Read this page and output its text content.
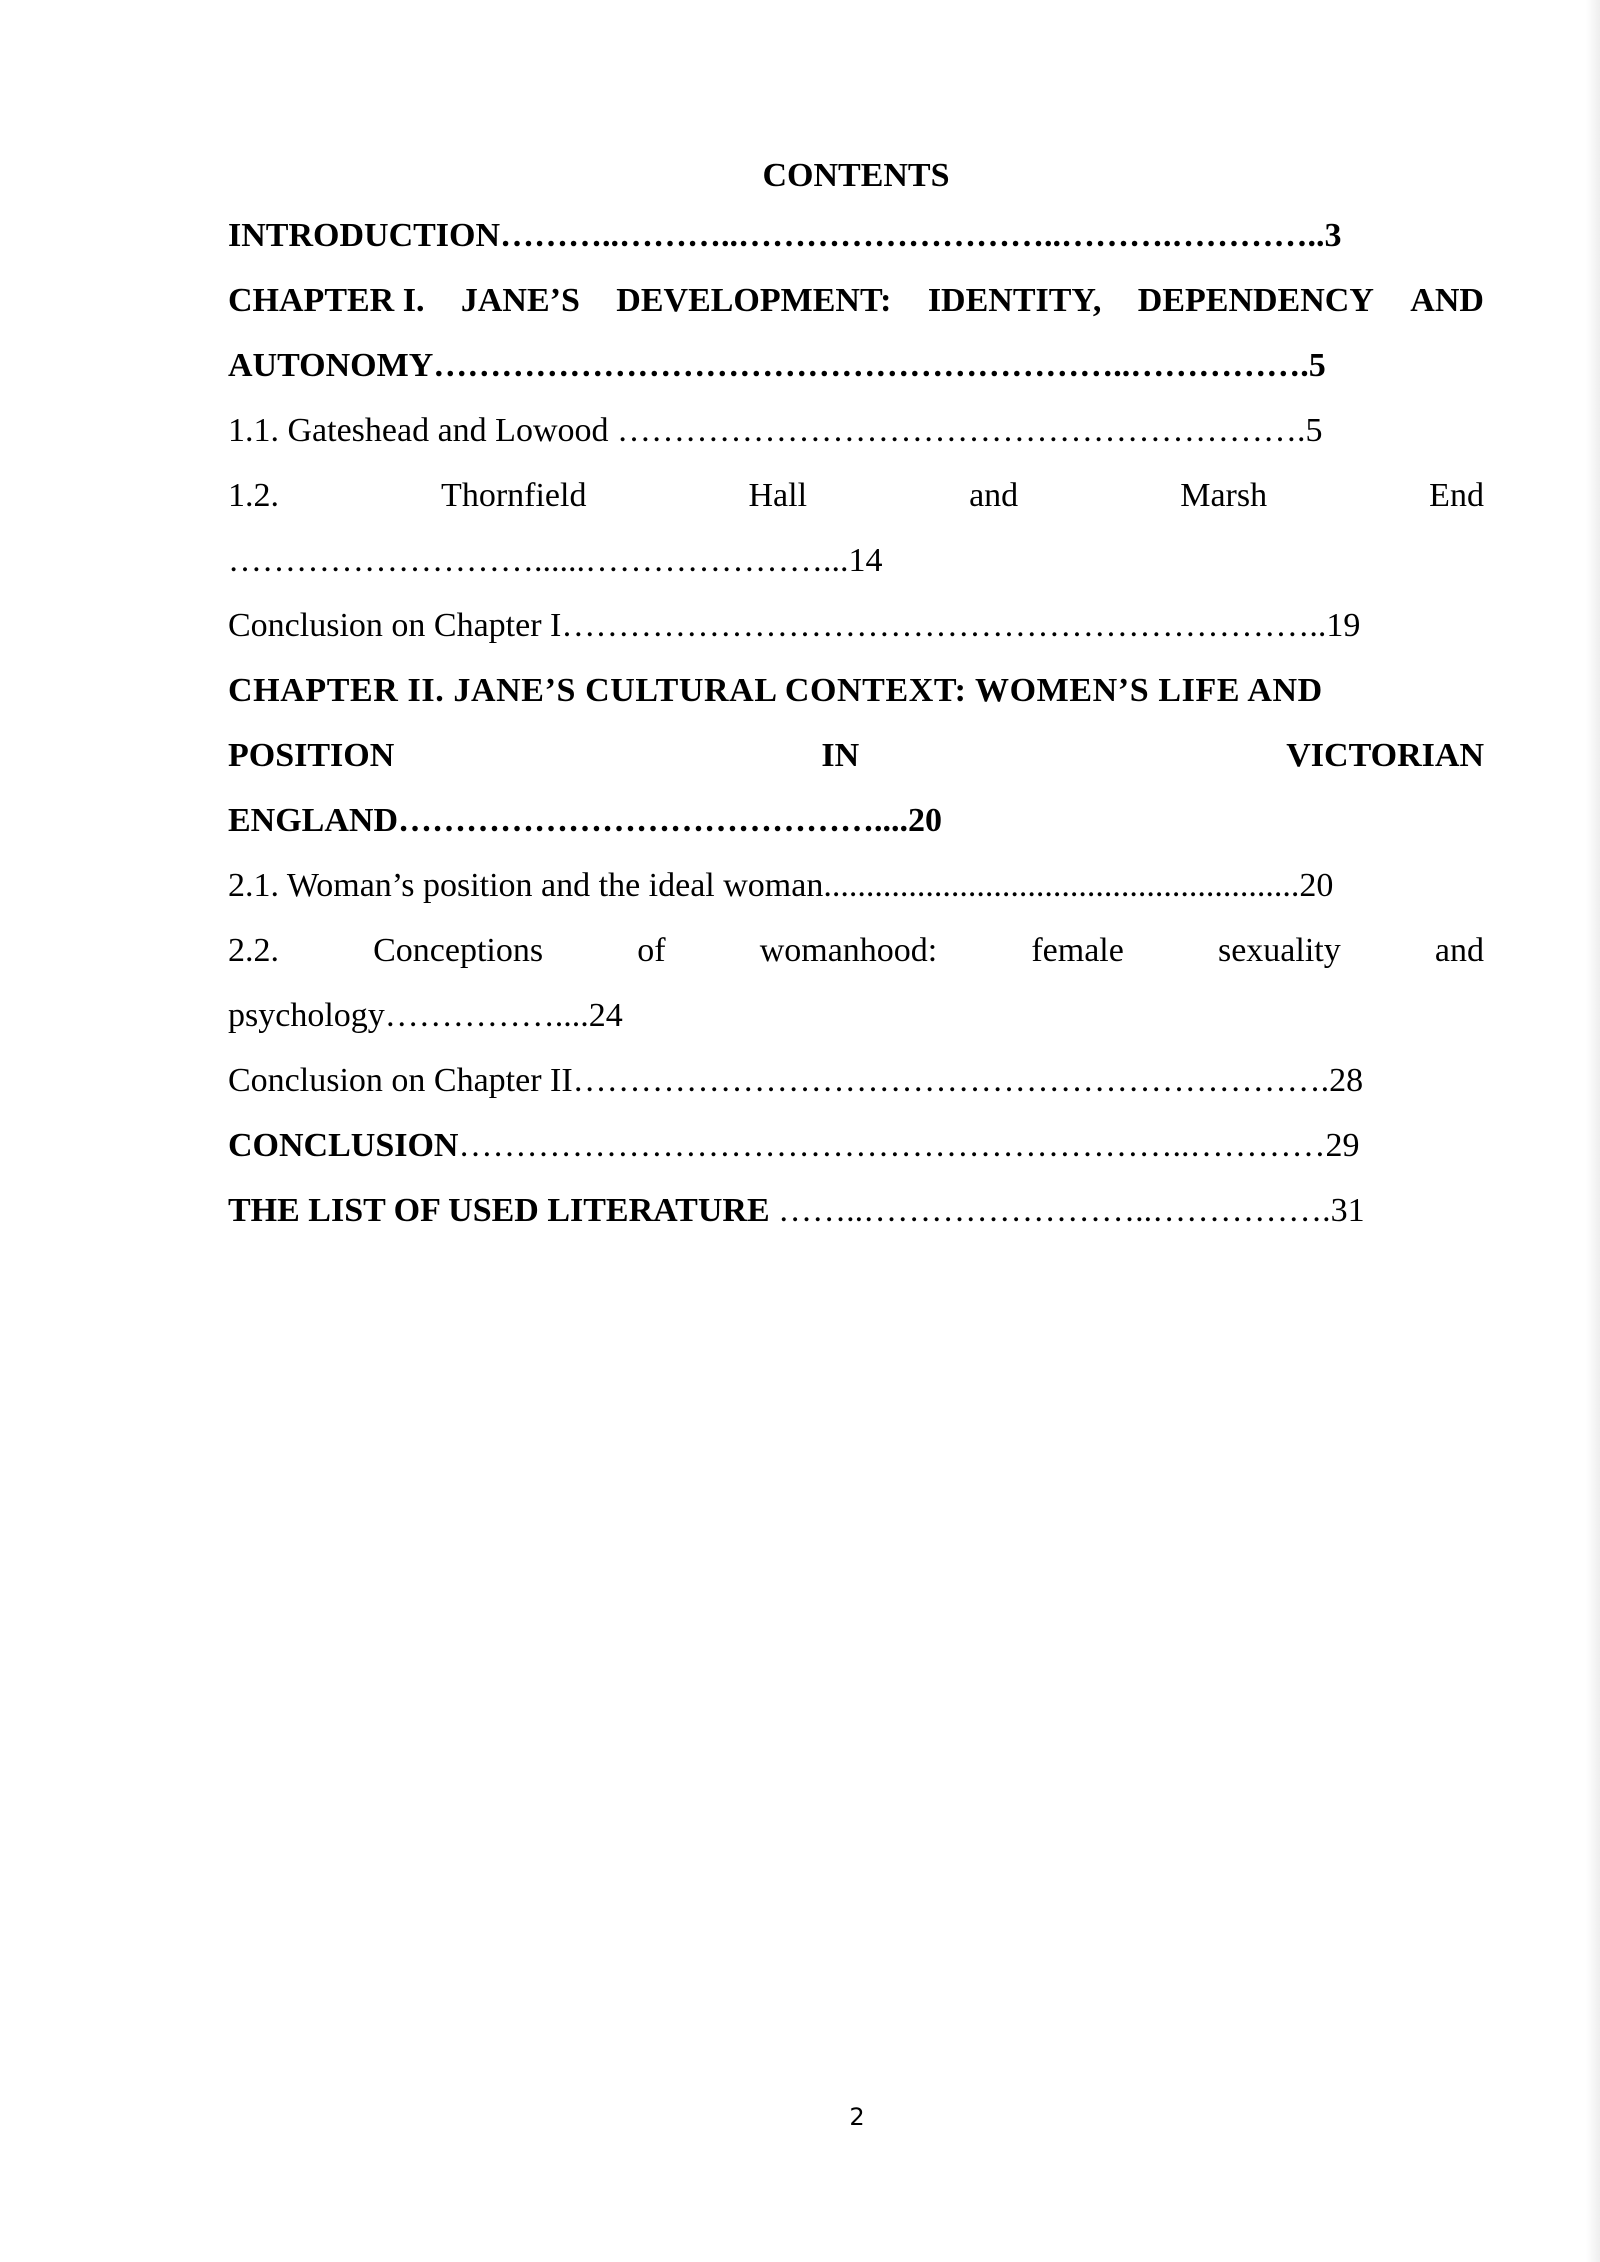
CONTENTS
INTRODUCTION………..………..………………………..……….…………..3
CHAPTER I. JANE’S DEVELOPMENT: IDENTITY, DEPENDENCY AND
AUTONOMY……………………………………………………..…………….5
1.1. Gateshead and Lowood …………………………………………………….5
1.2.	Thornfield	Hall	and	Marsh	End
………………………......…………………...14
Conclusion on Chapter I…………………………………………………………..19
CHAPTER II. JANE’S CULTURAL CONTEXT: WOMEN’S LIFE AND
POSITION	IN	VICTORIAN
ENGLAND……………………………………....20
2.1. Woman’s position and the ideal woman........................................................20
2.2.	Conceptions	of	womanhood:	female	sexuality	and
psychology……………....24
Conclusion on Chapter II………………………………………………………….28
CONCLUSION………………………………………………………..…………29
THE LIST OF USED LITERATURE ……..……………………..…………….31
2
